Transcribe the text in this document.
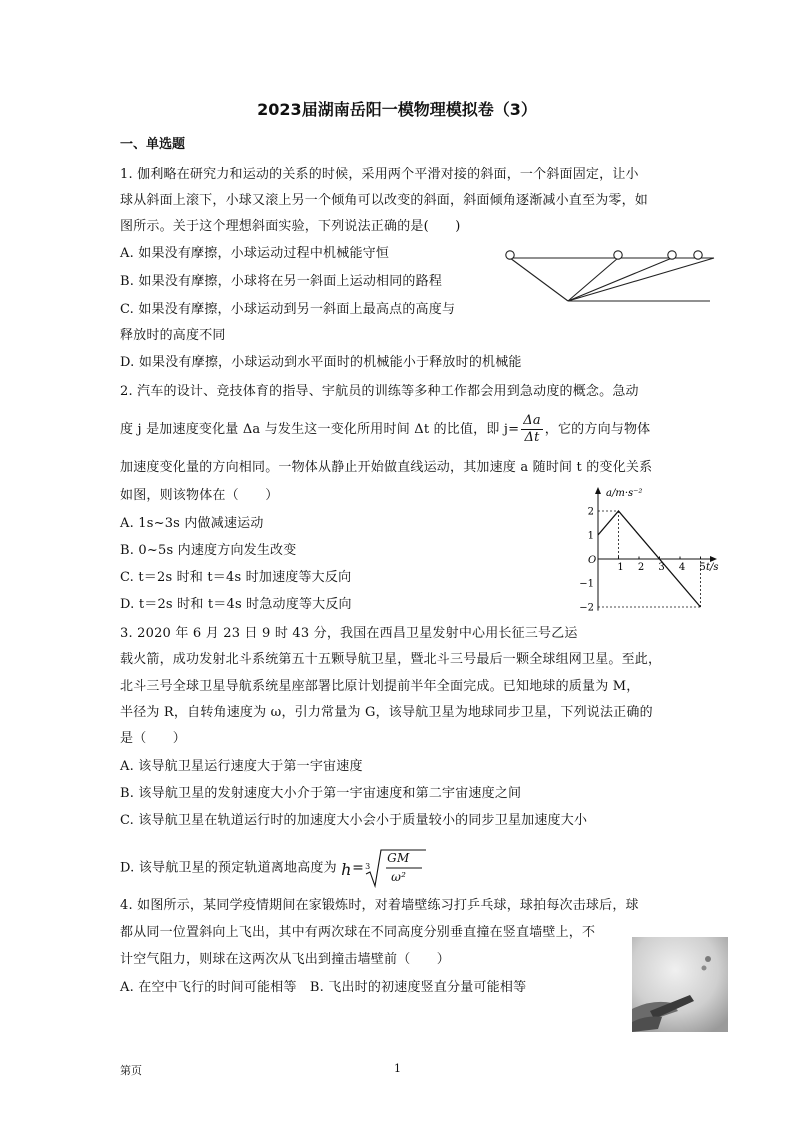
2023届湖南岳阳一模物理模拟卷（3）
一、单选题
1. 伽利略在研究力和运动的关系的时候，采用两个平滑对接的斜面，一个斜面固定，让小
球从斜面上滚下，小球又滚上另一个倾角可以改变的斜面，斜面倾角逐渐减小直至为零，如
图所示。关于这个理想斜面实验，下列说法正确的是(　　)
A. 如果没有摩擦，小球运动过程中机械能守恒
B. 如果没有摩擦，小球将在另一斜面上运动相同的路程
C. 如果没有摩擦，小球运动到另一斜面上最高点的高度与
释放时的高度不同
D. 如果没有摩擦，小球运动到水平面时的机械能小于释放时的机械能
2. 汽车的设计、竞技体育的指导、宇航员的训练等多种工作都会用到急动度的概念。急动
度 j 是加速度变化量 Δa 与发生这一变化所用时间 Δt 的比值，即 $j= \frac{\Delta a}{\Delta t}$ ，它的方向与物体
加速度变化量的方向相同。一物体从静止开始做直线运动，其加速度 a 随时间 t 的变化关系
如图，则该物体在（　　）
A. 1s~3s 内做减速运动
B. 0~5s 内速度方向发生改变
C. t＝2s 时和 t＝4s 时加速度等大反向
D. t＝2s 时和 t＝4s 时急动度等大反向
a/m·s⁻²
t/s
O
2
1
−1
−2
1 2 3 4 5
3. 2020 年 6 月 23 日 9 时 43 分，我国在西昌卫星发射中心用长征三号乙运
载火箭，成功发射北斗系统第五十五颗导航卫星，暨北斗三号最后一颗全球组网卫星。至此，
北斗三号全球卫星导航系统星座部署比原计划提前半年全面完成。已知地球的质量为 M，
半径为 R，自转角速度为 ω，引力常量为 G，该导航卫星为地球同步卫星，下列说法正确的
是（　　）
A. 该导航卫星运行速度大于第一宇宙速度
B. 该导航卫星的发射速度大小介于第一宇宙速度和第二宇宙速度之间
C. 该导航卫星在轨道运行时的加速度大小会小于质量较小的同步卫星加速度大小
D. 该导航卫星的预定轨道离地高度为 h = 3
GM
ω²
4. 如图所示，某同学疫情期间在家锻炼时，对着墙壁练习打乒乓球，球拍每次击球后，球
都从同一位置斜向上飞出，其中有两次球在不同高度分别垂直撞在竖直墙壁上，不
计空气阻力，则球在这两次从飞出到撞击墙壁前（　　）
A. 在空中飞行的时间可能相等　B. 飞出时的初速度竖直分量可能相等
第页	1
